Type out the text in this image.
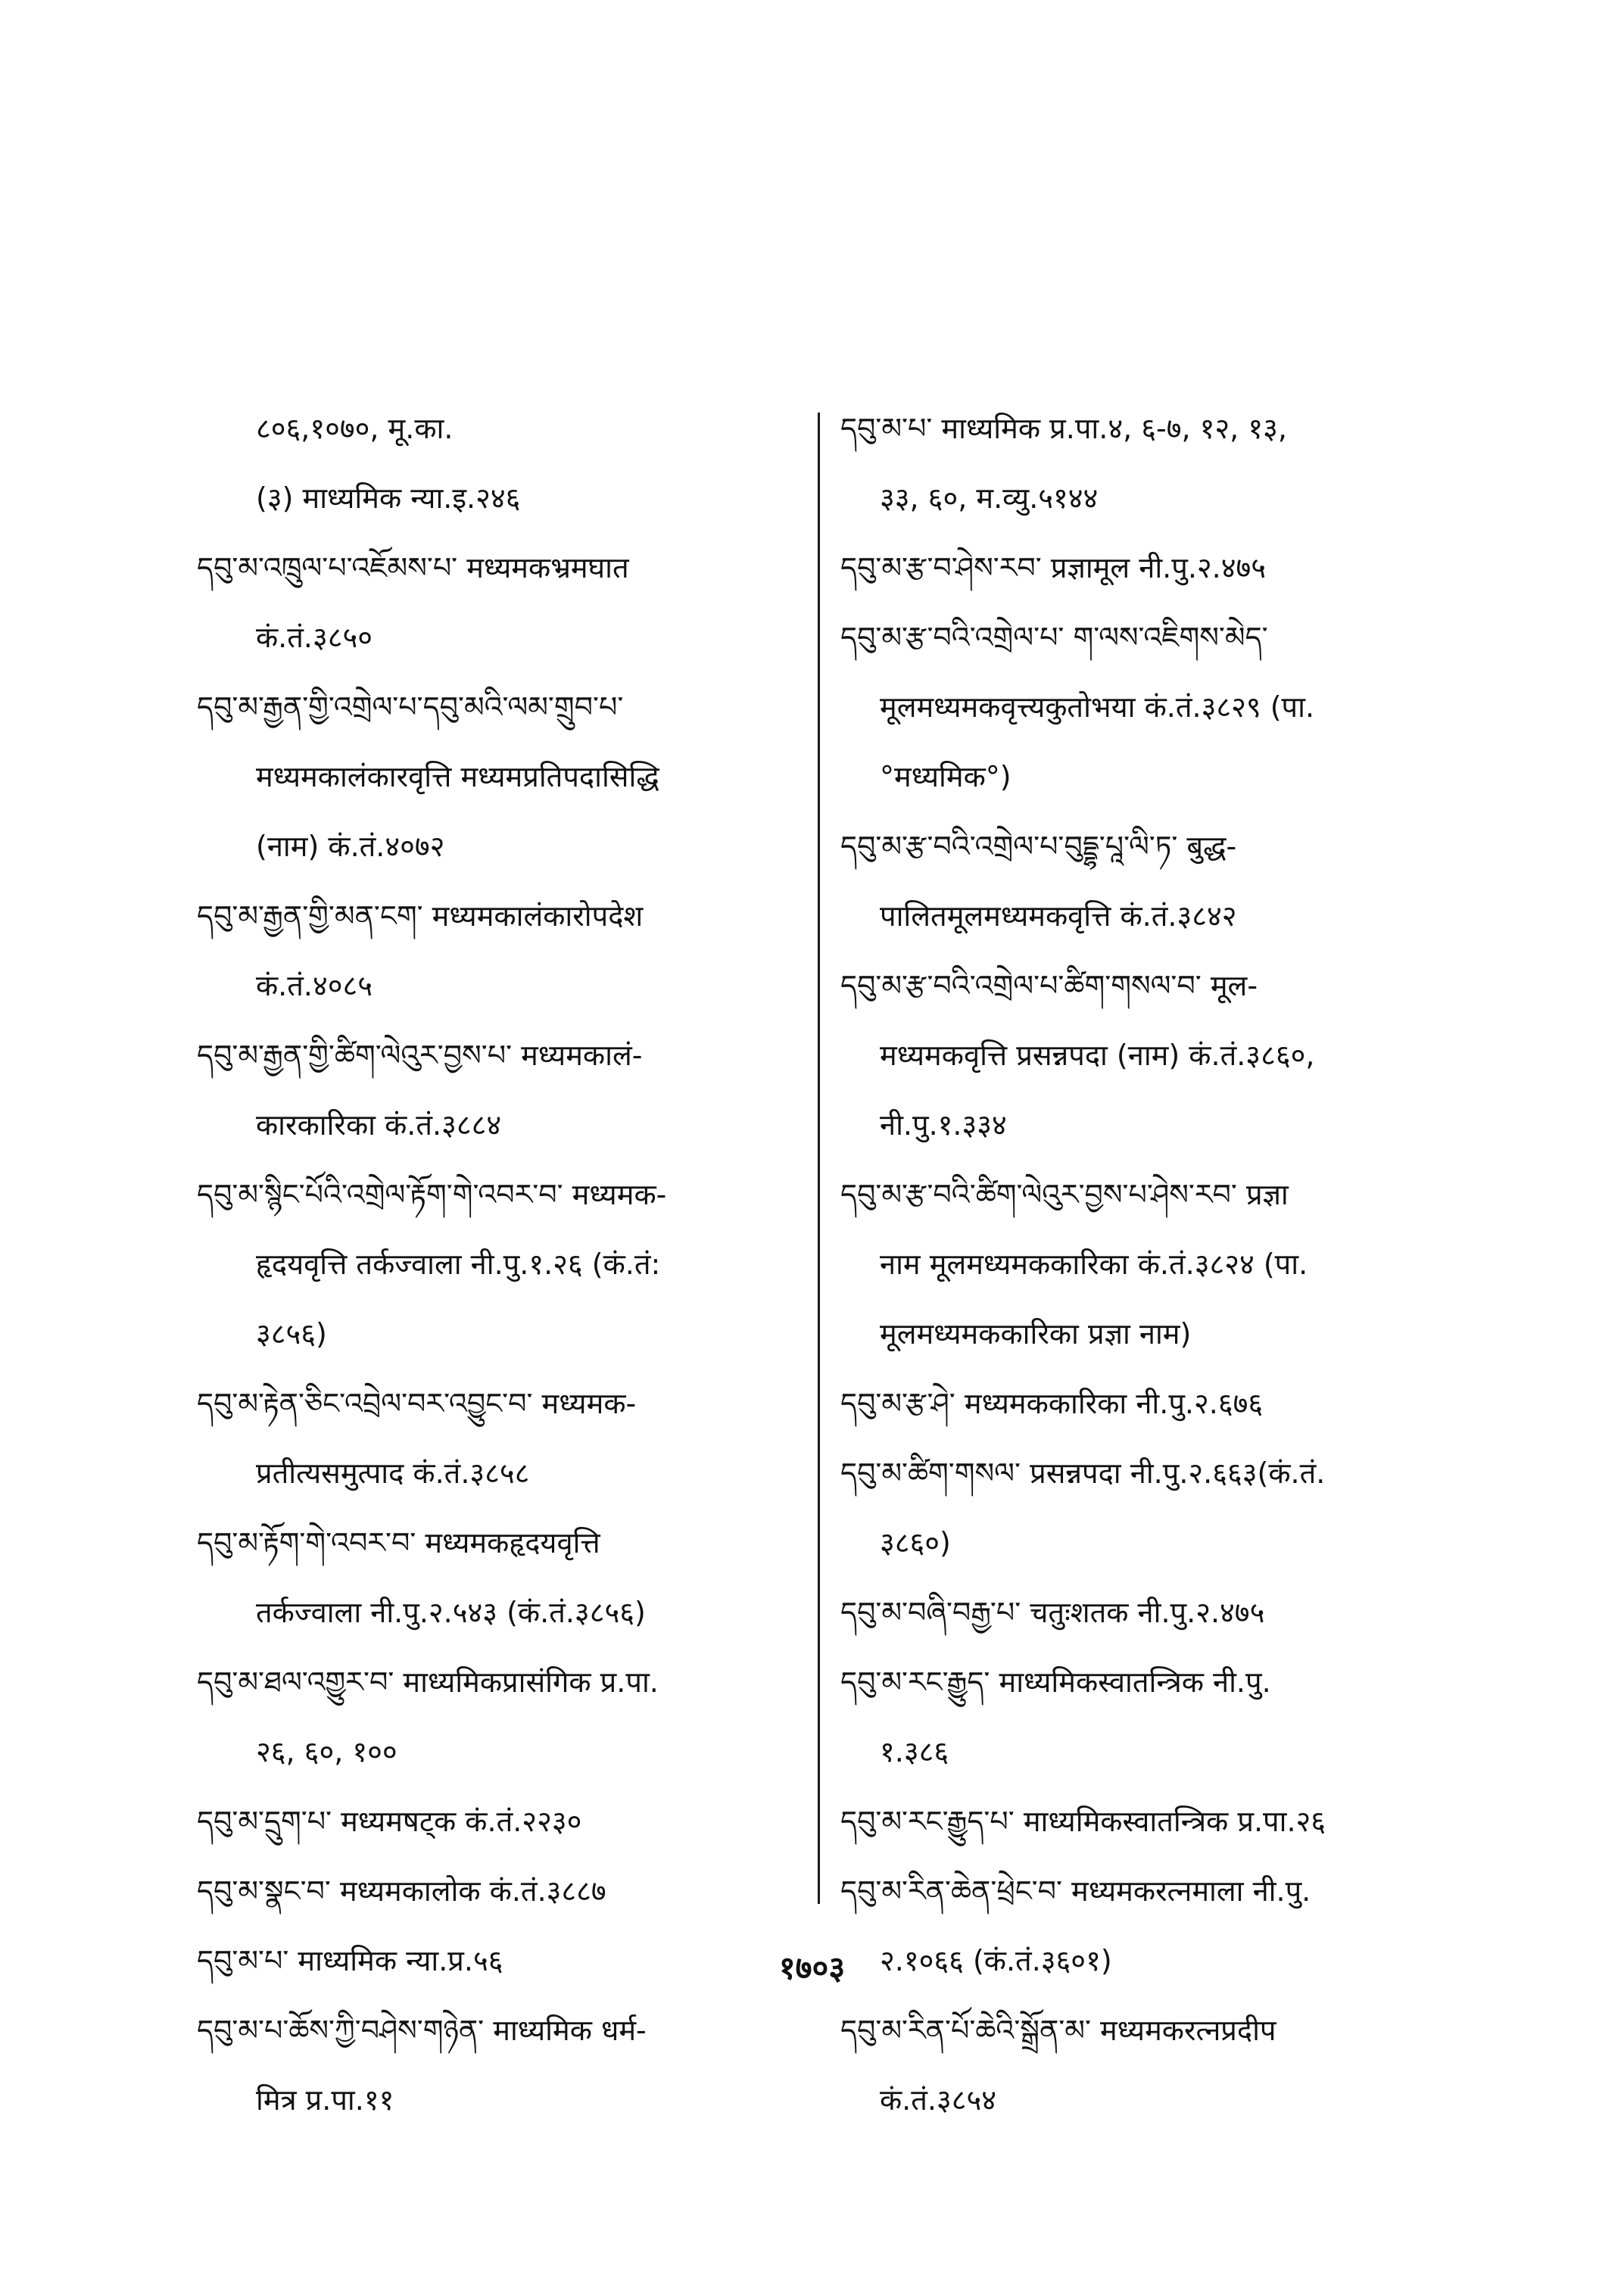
८०६,१०७०, मू.का.
(३) माध्यमिक न्या.इ.२४६
དབུ་མ་འཁྲུལ་པ་འཇོམས་པ་ मध्यमकभ्रमघात
कं.तं.३८५०
དབུ་མ་རྒྱན་གྱི་འགྲེལ་པ་དབུ་མའི་ལམ་གྲུབ་པ་
मध्यमकालंकारवृत्ति मध्यमप्रतिपदासिद्धि
(नाम) कं.तं.४०७२
དབུ་མ་རྒྱན་གྱི་མན་ངག་ मध्यमकालंकारोपदेश
कं.तं.४०८५
དབུ་མ་རྒྱན་གྱི་ཚིག་ལེའུར་བྱས་པ་ मध्यमकालं-
कारकारिका कं.तं.३८८४
དབུ་མ་སྙིང་པོའི་འགྲེལ་རྟོག་གེ་འབར་བ་ मध्यमक-
हृदयवृत्ति तर्कज्वाला नी.पु.१.२६ (कं.तं:
३८५६)
དབུ་མ་རྟེན་ཅིང་འབྲེལ་བར་འབྱུང་བ་ मध्यमक-
प्रतीत्यसमुत्पाद कं.तं.३८५८
དབུ་མ་རྟོག་གེ་འབར་བ་ मध्यमकहृदयवृत्ति
तर्कज्वाला नी.पु.२.५४३ (कं.तं.३८५६)
དབུ་མ་ཐལ་འགྱུར་བ་ माध्यमिकप्रासंगिक प्र.पा.
२६, ६०, १००
དབུ་མ་དྲུག་པ་ मध्यमषट्क कं.तं.२२३०
དབུ་མ་སྣང་བ་ मध्यमकालोक कं.तं.३८८७
དབུ་མ་པ་ माध्यमिक न्या.प्र.५६
དབུ་མ་པ་ཆོས་ཀྱི་བཤེས་གཉེན་ माध्यमिक धर्म-
मित्र प्र.पा.११
དབུ་མ་པ་ माध्यमिक प्र.पा.४, ६-७, १२, १३,
३३, ६०, म.व्यु.५१४४
དབུ་མ་རྩ་བ་ཤེས་རབ་ प्रज्ञामूल नी.पु.२.४७५
དབུ་མ་རྩ་བའི་འགྲེལ་པ་ ག་ལས་འཇིགས་མེད་
मूलमध्यमकवृत्त्यकुतोभया कं.तं.३८२९ (पा.
°मध्यमिक°)
དབུ་མ་རྩ་བའི་འགྲེལ་པ་བུདྡྷ་པཱ་ལི་ཏ་ बुद्ध-
पालितमूलमध्यमकवृत्ति कं.तं.३८४२
དབུ་མ་རྩ་བའི་འགྲེལ་པ་ཚིག་གསལ་བ་ मूल-
मध्यमकवृत्ति प्रसन्नपदा (नाम) कं.तं.३८६०,
नी.पु.१.३३४
དབུ་མ་རྩ་བའི་ཚིག་ལེའུར་བྱས་པ་ཤེས་རབ་ प्रज्ञा
नाम मूलमध्यमककारिका कं.तं.३८२४ (पा.
मूलमध्यमककारिका प्रज्ञा नाम)
དབུ་མ་རྩ་ཤེ་ मध्यमककारिका नी.पु.२.६७६
དབུ་མ་ཚིག་གསལ་ प्रसन्नपदा नी.पु.२.६६३(कं.तं.
३८६०)
དབུ་མ་བཞི་བརྒྱ་པ་ चतुःशतक नी.पु.२.४७५
དབུ་མ་རང་རྒྱུད་ माध्यमिकस्वातन्त्रिक नी.पु.
१.३८६
དབུ་མ་རང་རྒྱུད་པ་ माध्यमिकस्वातन्त्रिक प्र.पा.२६
དབུ་མ་རིན་ཆེན་ཕྲེང་བ་ मध्यमकरत्नमाला नी.पु.
२.१०६६ (कं.तं.३६०१)
དབུ་མ་རིན་པོ་ཆེའི་སྒྲོན་མ་ मध्यमकरत्नप्रदीप
कं.तं.३८५४
१७०३
